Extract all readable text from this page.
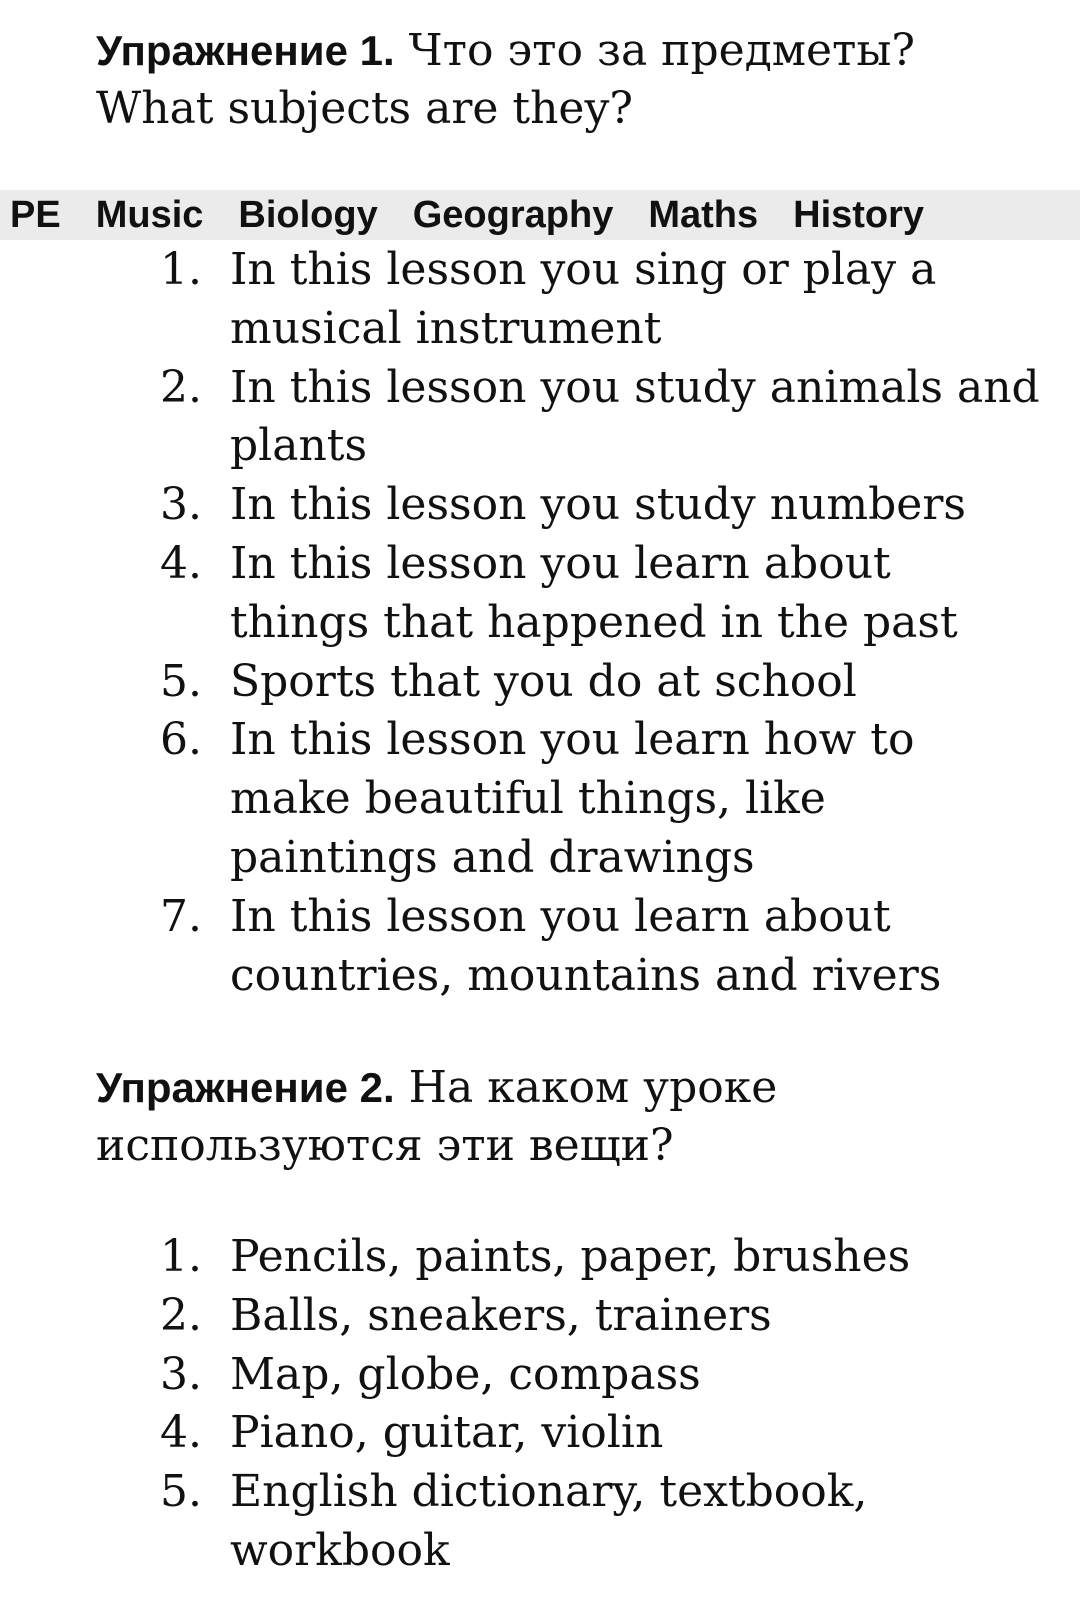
Упражнение 1. Что это за предметы?
What subjects are they?
PE Music Biology Geography Maths History
1. In this lesson you sing or play a musical instrument
2. In this lesson you study animals and plants
3. In this lesson you study numbers
4. In this lesson you learn about things that happened in the past
5. Sports that you do at school
6. In this lesson you learn how to make beautiful things, like paintings and drawings
7. In this lesson you learn about countries, mountains and rivers
Упражнение 2. На каком уроке используются эти вещи?
1. Pencils, paints, paper, brushes
2. Balls, sneakers, trainers
3. Map, globe, compass
4. Piano, guitar, violin
5. English dictionary, textbook, workbook
